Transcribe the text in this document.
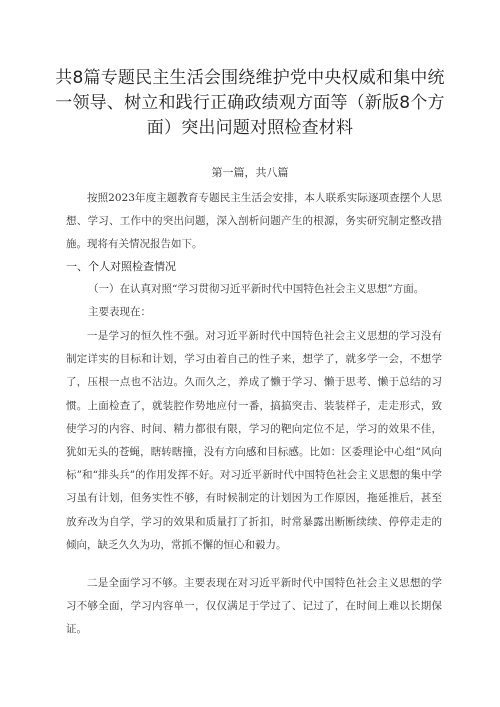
共8篇专题民主生活会围绕维护党中央权威和集中统一领导、树立和践行正确政绩观方面等（新版8个方面）突出问题对照检查材料
第一篇，共八篇

按照2023年度主题教育专题民主生活会安排，本人联系实际逐项查摆个人思想、学习、工作中的突出问题，深入剖析问题产生的根源，务实研究制定整改措施。现将有关情况报告如下。

一、个人对照检查情况
（一）在认真对照“学习贯彻习近平新时代中国特色社会主义思想”方面。
主要表现在：

一是学习的恒久性不强。对习近平新时代中国特色社会主义思想的学习没有制定详实的目标和计划，学习由着自己的性子来，想学了，就多学一会，不想学了，压根一点也不沾边。久而久之，养成了懒于学习、懒于思考、懒于总结的习惯。上面检查了，就装腔作势地应付一番，搞搞突击、装装样子，走走形式，致使学习的内容、时间、精力都很有限，学习的靶向定位不足，学习的效果不佳，犹如无头的苍蝇，瞎转瞎撞，没有方向感和目标感。比如：区委理论中心组“风向标”和“排头兵”的作用发挥不好。对习近平新时代中国特色社会主义思想的集中学习虽有计划，但务实性不够，有时候制定的计划因为工作原因，拖延推后，甚至放弃改为自学，学习的效果和质量打了折扣，时常暴露出断断续续、停停走走的倾向，缺乏久久为功，常抓不懈的恒心和毅力。

二是全面学习不够。主要表现在对习近平新时代中国特色社会主义思想的学习不够全面，学习内容单一，仅仅满足于学过了、记过了，在时间上难以长期保证。
